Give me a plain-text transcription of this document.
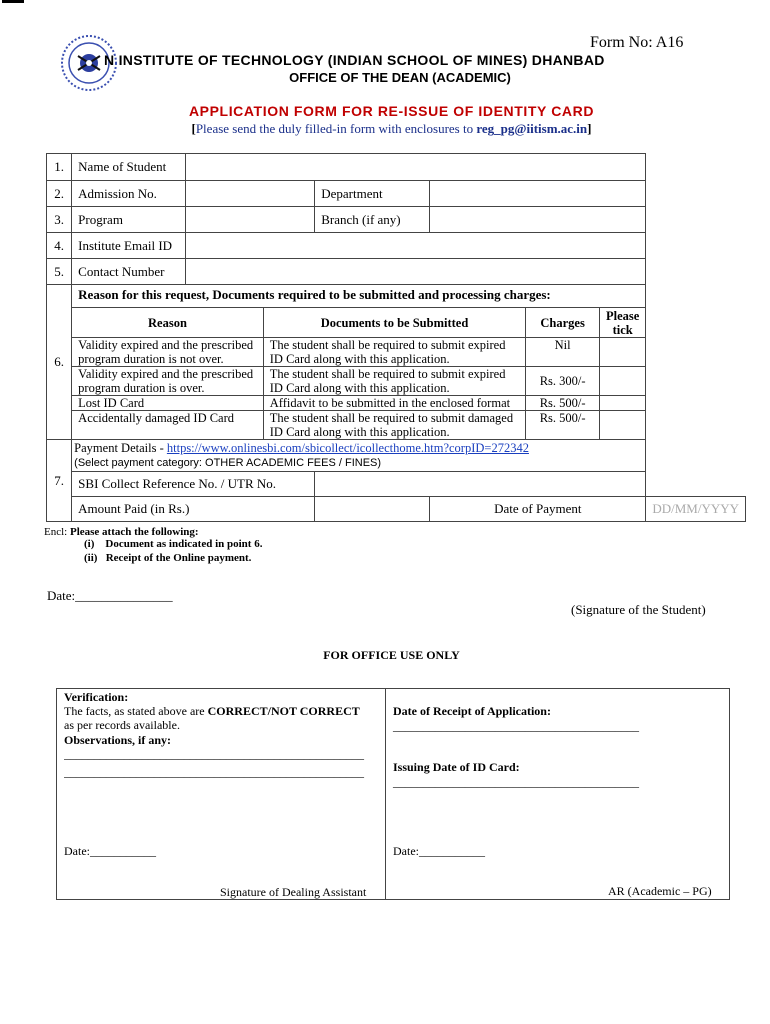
Form No: A16
N INSTITUTE OF TECHNOLOGY (INDIAN SCHOOL OF MINES) DHANBAD
OFFICE OF THE DEAN (ACADEMIC)
APPLICATION FORM FOR RE-ISSUE OF IDENTITY CARD
[Please send the duly filled-in form with enclosures to reg_pg@iitism.ac.in]
1.	Name of Student	
2.	Admission No.		Department	
3.	Program		Branch (if any)	
4.	Institute Email ID	
5.	Contact Number	
6.	
Reason for this request, Documents required to be submitted and processing charges:
Reason	Documents to be Submitted	Charges	Please tick
Validity expired and the prescribed program duration is not over.	The student shall be required to submit expired ID Card along with this application.	Nil	
Validity expired and the prescribed program duration is over.	The student shall be required to submit expired ID Card along with this application.	Rs. 300/-	
Lost ID Card	Affidavit to be submitted in the enclosed format	Rs. 500/-	
Accidentally damaged ID Card	The student shall be required to submit damaged ID Card along with this application.	Rs. 500/-	

7.	Payment Details - https://www.onlinesbi.com/sbicollect/icollecthome.htm?corpID=272342
(Select payment category: OTHER ACADEMIC FEES / FINES)
SBI Collect Reference No. / UTR No.	
Amount Paid (in Rs.)		Date of Payment	DD/MM/YYYY
Encl: Please attach the following:
(i)    Document as indicated in point 6.
(ii)   Receipt of the Online payment.
Date:_______________
(Signature of the Student)
FOR OFFICE USE ONLY
Verification:
The facts, as stated above are CORRECT/NOT CORRECT
as per records available.
Observations, if any:
__________________________________________________
__________________________________________________
Date:___________
Signature of Dealing Assistant
Date of Receipt of Application:
_________________________________________
Issuing Date of ID Card:
_________________________________________
Date:___________
AR (Academic – PG)
